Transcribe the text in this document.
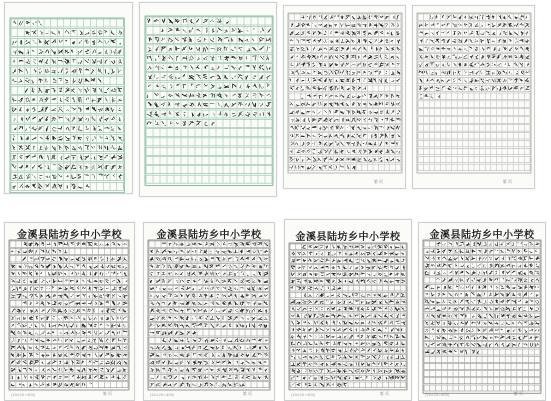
第 页	第 页
金溪县陆坊乡中小学校
(20×20=400)	第 页
金溪县陆坊乡中小学校
(20×20=400)	第 页
金溪县陆坊乡中小学校
(20×20=400)	第 页
金溪县陆坊乡中小学校
(20×20=400)	第 页
